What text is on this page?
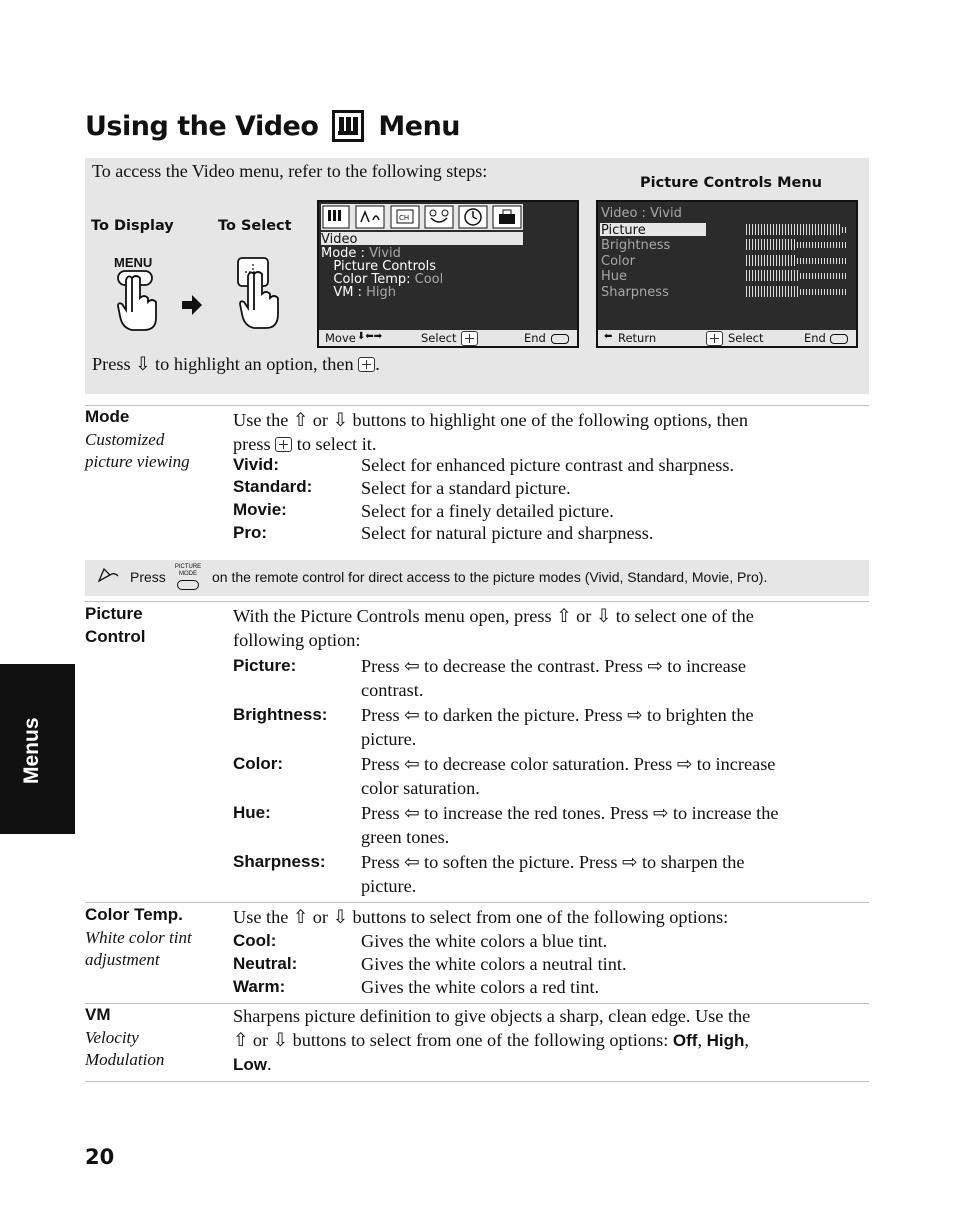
Using the Video Menu
To access the Video menu, refer to the following steps:
To Display	To Select
MENU
CH
Video
Mode : Vivid
Picture Controls
Color Temp: Cool
VM : High
Move ⬇⬅➡	Select	End
Picture Controls Menu
Video : Vivid
Picture
Brightness
Color
Hue
Sharpness
⬅ Return	Select	End
Press ⇩ to highlight an option, then .
Mode
Customized picture viewing
Use the ⇧ or ⇩ buttons to highlight one of the following options, then
press to select it.
Vivid:	Select for enhanced picture contrast and sharpness.
Standard:	Select for a standard picture.
Movie:	Select for a finely detailed picture.
Pro:	Select for natural picture and sharpness.
Press
PICTURE MODE	on the remote control for direct access to the picture modes (Vivid, Standard, Movie, Pro).
Picture
Control
With the Picture Controls menu open, press ⇧ or ⇩ to select one of the
following option:
Picture:	Press ⇦ to decrease the contrast. Press ⇨ to increase
contrast.
Brightness: Press ⇦ to darken the picture. Press ⇨ to brighten the
picture.
Color:	Press ⇦ to decrease color saturation. Press ⇨ to increase
color saturation.
Hue:	Press ⇦ to increase the red tones. Press ⇨ to increase the
green tones.
Sharpness: Press ⇦ to soften the picture. Press ⇨ to sharpen the
picture.
Menus
Color Temp.
White color tint adjustment
Use the ⇧ or ⇩ buttons to select from one of the following options:
Cool:	Gives the white colors a blue tint.
Neutral:	Gives the white colors a neutral tint.
Warm:	Gives the white colors a red tint.
VM
Velocity Modulation
Sharpens picture definition to give objects a sharp, clean edge. Use the
⇧ or ⇩ buttons to select from one of the following options: Off, High,
Low.
20
